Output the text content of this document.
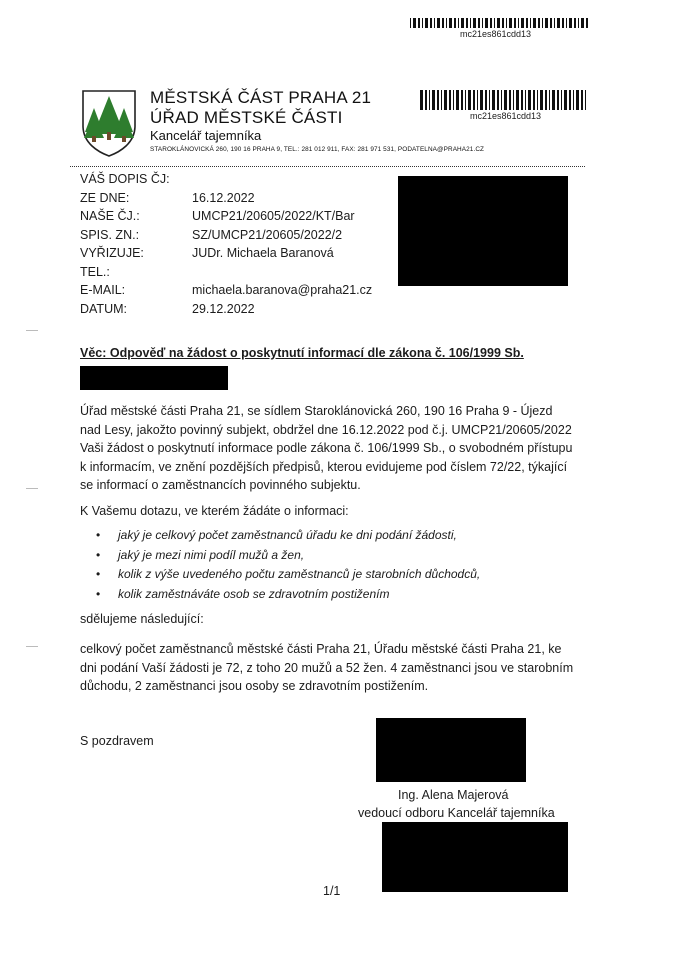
mc21es861cdd13
MĚSTSKÁ ČÁST PRAHA 21
ÚŘAD MĚSTSKÉ ČÁSTI
Kancelář tajemníka
STAROKLÁNOVICKÁ 260, 190 16 PRAHA 9, TEL.: 281 012 911, FAX: 281 971 531, PODATELNA@PRAHA21.CZ
mc21es861cdd13
VÁŠ DOPIS ČJ:
ZE DNE:	16.12.2022
NAŠE ČJ.:	UMCP21/20605/2022/KT/Bar
SPIS. ZN.:	SZ/UMCP21/20605/2022/2
VYŘIZUJE:	JUDr. Michaela Baranová
TEL.:
E-MAIL:	michaela.baranova@praha21.cz
DATUM:	29.12.2022
Věc: Odpověď na žádost o poskytnutí informací dle zákona č. 106/1999 Sb.
Úřad městské části Praha 21, se sídlem Staroklánovická 260, 190 16 Praha 9 - Újezd
nad Lesy, jakožto povinný subjekt, obdržel dne 16.12.2022 pod č.j. UMCP21/20605/2022
Vaši žádost o poskytnutí informace podle zákona č. 106/1999 Sb., o svobodném přístupu
k informacím, ve znění pozdějších předpisů, kterou evidujeme pod číslem 72/22, týkající
se informací o zaměstnancích povinného subjektu.
K Vašemu dotazu, ve kterém žádáte o informaci:
• jaký je celkový počet zaměstnanců úřadu ke dni podání žádosti,
• jaký je mezi nimi podíl mužů a žen,
• kolik z výše uvedeného počtu zaměstnanců je starobních důchodců,
• kolik zaměstnáváte osob se zdravotním postižením
sdělujeme následující:
celkový počet zaměstnanců městské části Praha 21, Úřadu městské části Praha 21, ke
dni podání Vaší žádosti je 72, z toho 20 mužů a 52 žen. 4 zaměstnanci jsou ve starobním
důchodu, 2 zaměstnanci jsou osoby se zdravotním postižením.
S pozdravem
Ing. Alena Majerová
vedoucí odboru Kancelář tajemníka
1/1
